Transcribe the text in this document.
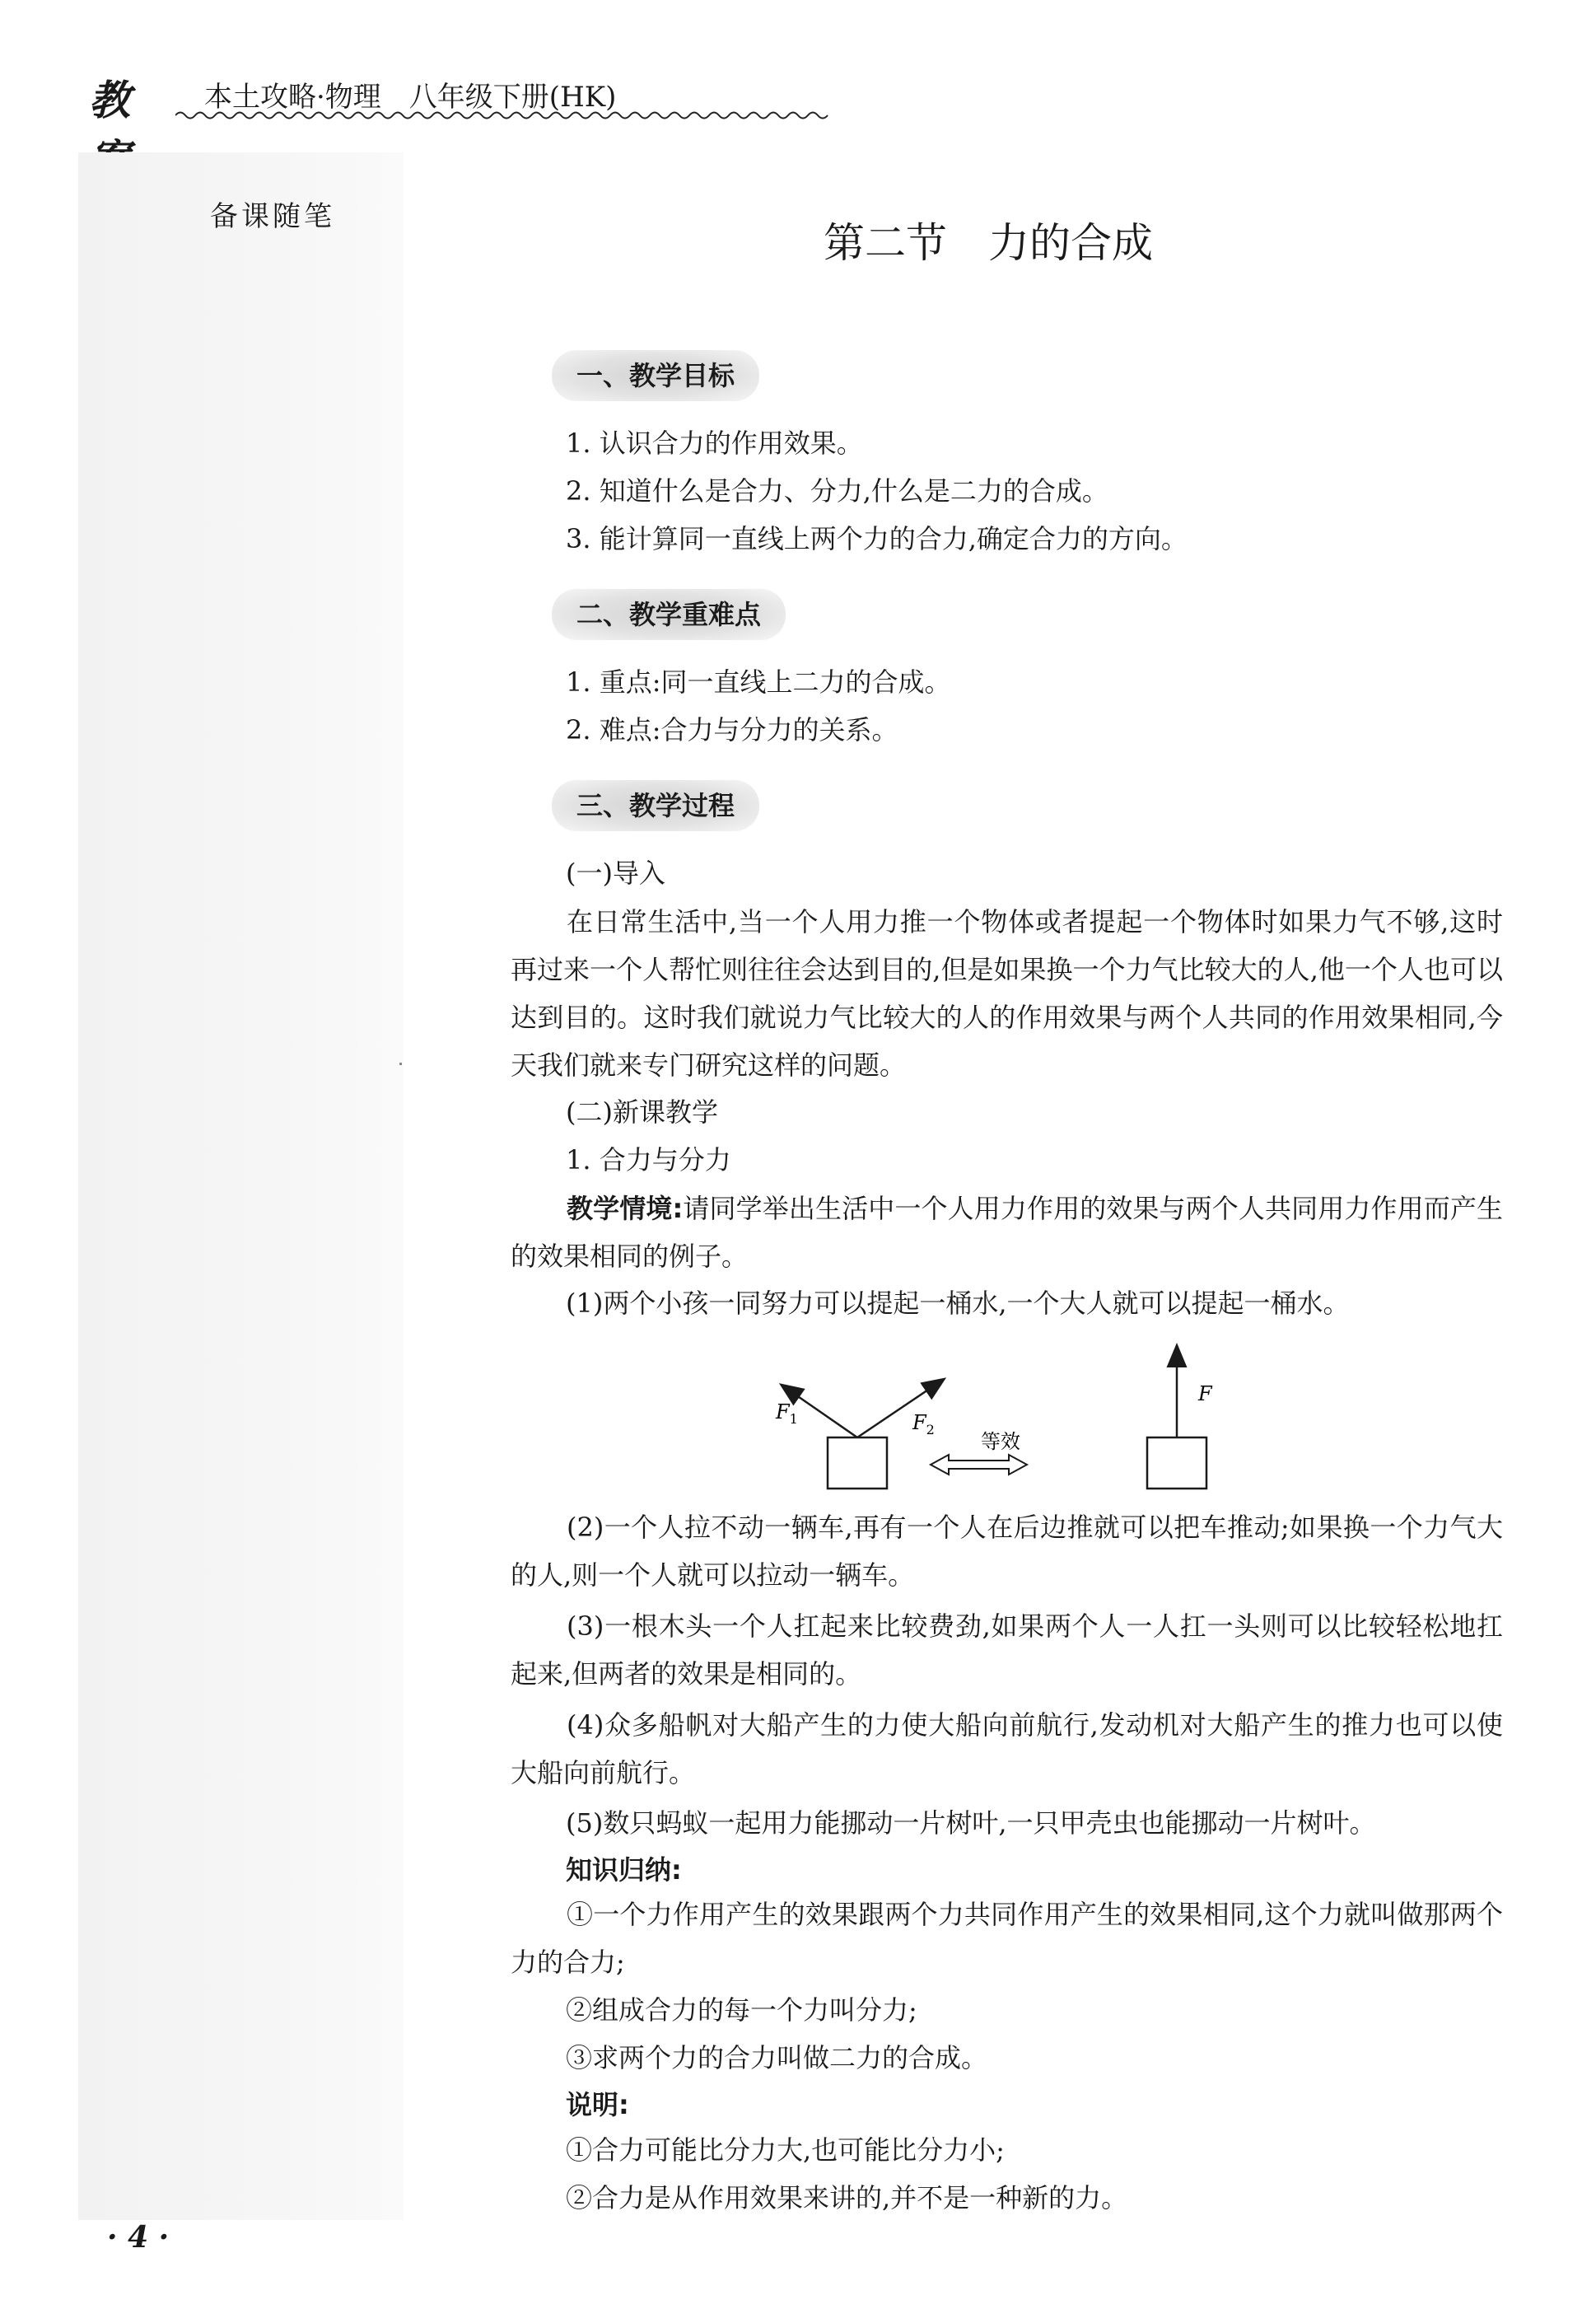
教	本土攻略·物理　八年级下册(HK)
备课随笔
第二节 力的合成
一、教学目标
1. 认识合力的作用效果。
2. 知道什么是合力、分力,什么是二力的合成。
3. 能计算同一直线上两个力的合力,确定合力的方向。
二、教学重难点
1. 重点:同一直线上二力的合成。
2. 难点:合力与分力的关系。
三、教学过程
(一)导入
在日常生活中,当一个人用力推一个物体或者提起一个物体时如果力气不够,这时再过来一个人帮忙则往往会达到目的,但是如果换一个力气比较大的人,他一个人也可以达到目的。这时我们就说力气比较大的人的作用效果与两个人共同的作用效果相同,今天我们就来专门研究这样的问题。
(二)新课教学
1. 合力与分力
教学情境:请同学举出生活中一个人用力作用的效果与两个人共同用力作用而产生的效果相同的例子。
(1)两个小孩一同努力可以提起一桶水,一个大人就可以提起一桶水。
$F_1$	$F_2$
等效
F
(2)一个人拉不动一辆车,再有一个人在后边推就可以把车推动;如果换一个力气大的人,则一个人就可以拉动一辆车。
(3)一根木头一个人扛起来比较费劲,如果两个人一人扛一头则可以比较轻松地扛起来,但两者的效果是相同的。
(4)众多船帆对大船产生的力使大船向前航行,发动机对大船产生的推力也可以使大船向前航行。
(5)数只蚂蚁一起用力能挪动一片树叶,一只甲壳虫也能挪动一片树叶。
知识归纳:
①一个力作用产生的效果跟两个力共同作用产生的效果相同,这个力就叫做那两个力的合力;
②组成合力的每一个力叫分力;
③求两个力的合力叫做二力的合成。
说明:
①合力可能比分力大,也可能比分力小;
②合力是从作用效果来讲的,并不是一种新的力。
· 4 ·
